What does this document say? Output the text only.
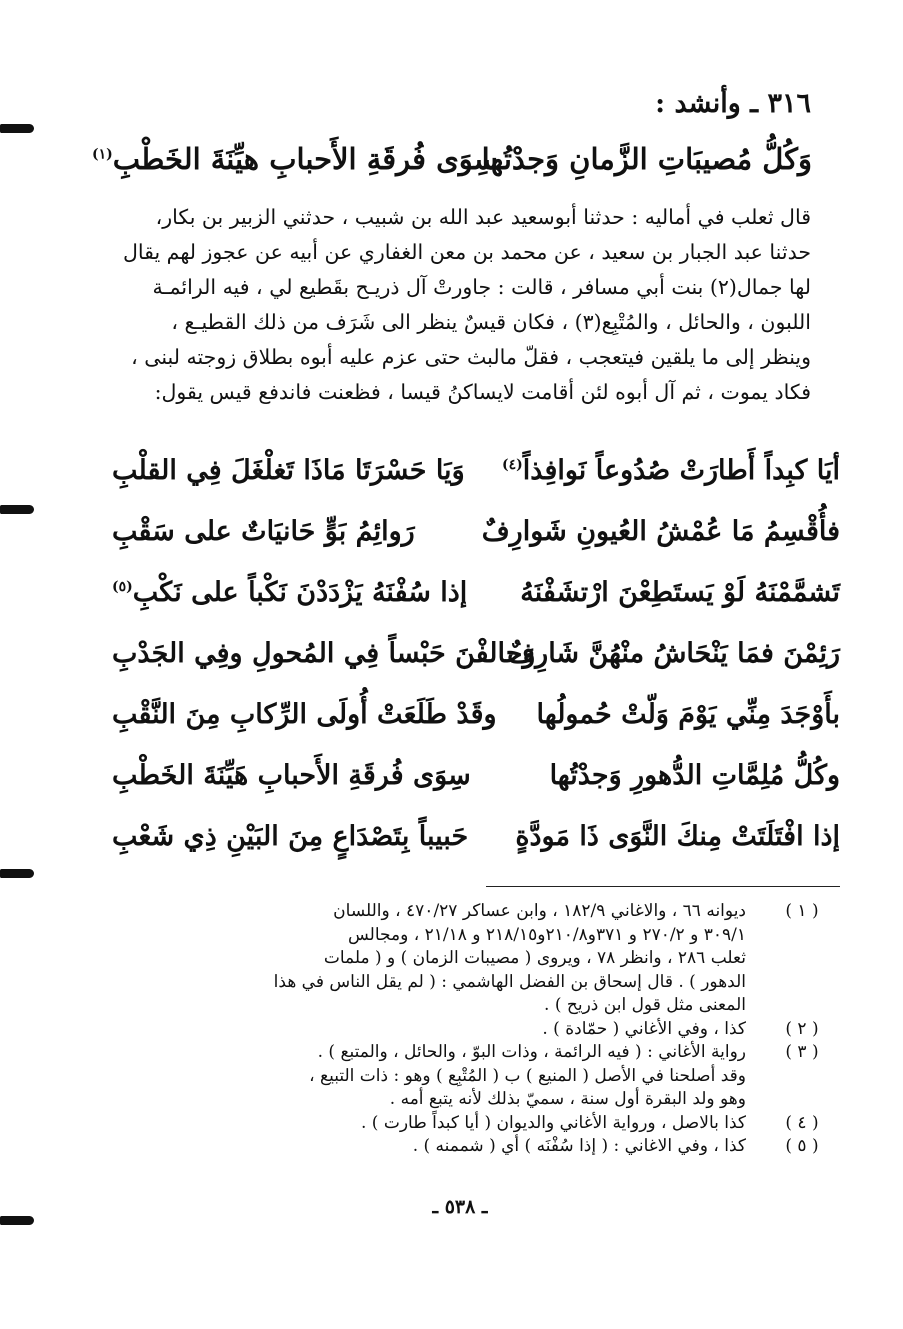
٣١٦ ـ وأنشد :
وَكُلُّ مُصيبَاتِ الزَّمانِ وَجدْتُها
سِوَى فُرقَةِ الأَحبابِ هيِّنَةَ الخَطْبِ$^{(١)}$

قال ثعلب في أماليه : حدثنا أبوسعيد عبد الله بن شبيب ، حدثني الزبير بن بكار،

حدثنا عبد الجبار بن سعيد ، عن محمد بن معن الغفاري عن أبيه عن عجوز لهم يقال

لها جمال(٢) بنت أبي مسافر ، قالت : جاورتْ آل ذريـح بقَطيع لي ، فيه الرائمـة

اللبون ، والحائل ، والمُتْبِع(٣) ، فكان قيسٌ ينظر الى شَرَف من ذلك القطيـع ،

وينظر إلى ما يلقين فيتعجب ، فقلّ مالبث حتى عزم عليه أبوه بطلاق زوجته لبنى ،

فكاد يموت ، ثم آل أبوه لئن أقامت لايساكنُ قيسا ، فظعنت فاندفع قيس يقول:

أيَا كبِداً أَطارَتْ صُدُوعاً نَوافِذاً$^{(٤)}$
وَيَا حَسْرَتَا مَاذَا تَغلْغَلَ فِي القلْبِ
فأُقْسِمُ مَا عُمْشُ العُيونِ شَوارِفٌ
رَوائِمُ بَوٍّ حَانيَاتٌ على سَقْبِ
تَشمَّمْنَهُ لَوْ يَستَطِعْنَ ارْتشَفْنَهُ
إذا سُفْنَهُ يَزْدَدْنَ نَكْباً على نَكْبِ$^{(٥)}$
رَئِمْنَ فمَا يَنْحَاشُ منْهُنَّ شَارِفٌ
وَحالفْنَ حَبْساً فِي المُحولِ وفِي الجَدْبِ
بأَوْجَدَ مِنِّي يَوْمَ وَلّتْ حُمولُها
وقَدْ طَلَعَتْ أُولَى الرِّكابِ مِنَ النَّقْبِ
وكُلُّ مُلِمَّاتِ الدُّهورِ وَجدْتُها
سِوَى فُرقَةِ الأَحبابِ هَيِّنَةَ الخَطْبِ
إذا افْتَلَتَتْ مِنكَ النَّوَى ذَا مَودَّةٍ
حَبيباً بِتَصْدَاعٍ مِنَ البَيْنِ ذِي شَعْبِ
( ١ )

ديوانه ٦٦ ، والاغاني ١٨٢/٩ ، وابن عساكر ٤٧٠/٢٧ ، واللسان

٣٠٩/١ و ٢٧٠/٢ و ٣٧١و٢١٠/٨و٢١٨/١٥ و ٢١/١٨ ، ومجالس

ثعلب ٢٨٦ ، وانظر ٧٨ ، ويروى ( مصيبات الزمان ) و ( ملمات

الدهور ) . قال إسحاق بن الفضل الهاشمي : ( لم يقل الناس في هذا

المعنى مثل قول ابن ذريح ) .

( ٢ )

كذا ، وفي الأغاني ( حمّادة ) .

( ٣ )

رواية الأغاني : ( فيه الرائمة ، وذات البوّ ، والحائل ، والمتبع ) .

وقد أصلحنا في الأصل ( المنيع ) ب ( المُتْبِع ) وهو : ذات التبيع ،

وهو ولد البقرة أول سنة ، سميّ بذلك لأنه يتبع أمه .

( ٤ )

كذا بالاصل ، ورواية الأغاني والديوان ( أيا كبداً طارت ) .

( ٥ )

كذا ، وفي الاغاني : ( إذا سُفْنَه ) أي ( شممنه ) .

ـ ٥٣٨ ـ
